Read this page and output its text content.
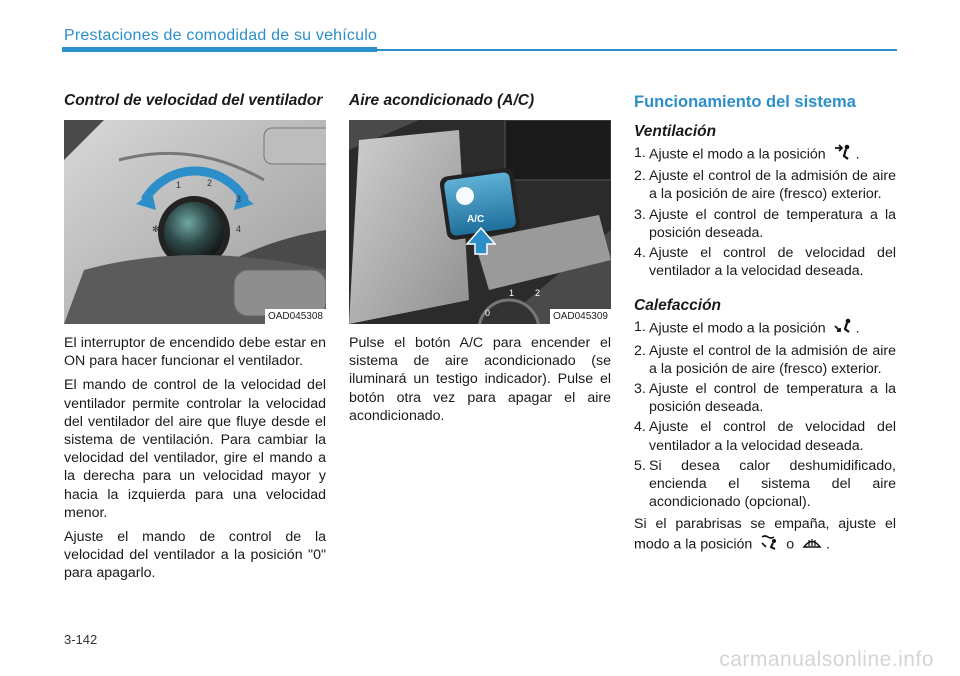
Prestaciones de comodidad de su vehículo
Control de velocidad del ventilador
✻
1	2
3
4
OAD045308

El interruptor de encendido debe estar en ON para hacer funcionar el ventilador.

El mando de control de la velocidad del ventilador permite controlar la velocidad del ventilador del aire que fluye desde el sistema de ventilación. Para cambiar la velocidad del ventilador, gire el mando a la derecha para un velocidad mayor y hacia la izquierda para una velocidad menor.

Ajuste el mando de control de la velocidad del ventilador a la posición "0" para apagarlo.

Aire acondicionado (A/C)
A/C
0
1 2
OAD045309

Pulse el botón A/C para encender el sistema de aire acondicionado (se iluminará un testigo indicador). Pulse el botón otra vez para apagar el aire acondicionado.

Funcionamiento del sistema
Ventilación
1. Ajuste el modo a la posición .
2. Ajuste el control de la admisión de aire a la posición de aire (fresco) exterior.
3. Ajuste el control de temperatura a la posición deseada.
4. Ajuste el control de velocidad del ventilador a la velocidad deseada.
Calefacción
1. Ajuste el modo a la posición .
2. Ajuste el control de la admisión de aire a la posición de aire (fresco) exterior.
3. Ajuste el control de temperatura a la posición deseada.
4. Ajuste el control de velocidad del ventilador a la velocidad deseada.
5. Si desea calor deshumidificado, encienda el sistema del aire acondicionado (opcional).

Si el parabrisas se empaña, ajuste el modo a la posición o .

3-142
carmanualsonline.info
